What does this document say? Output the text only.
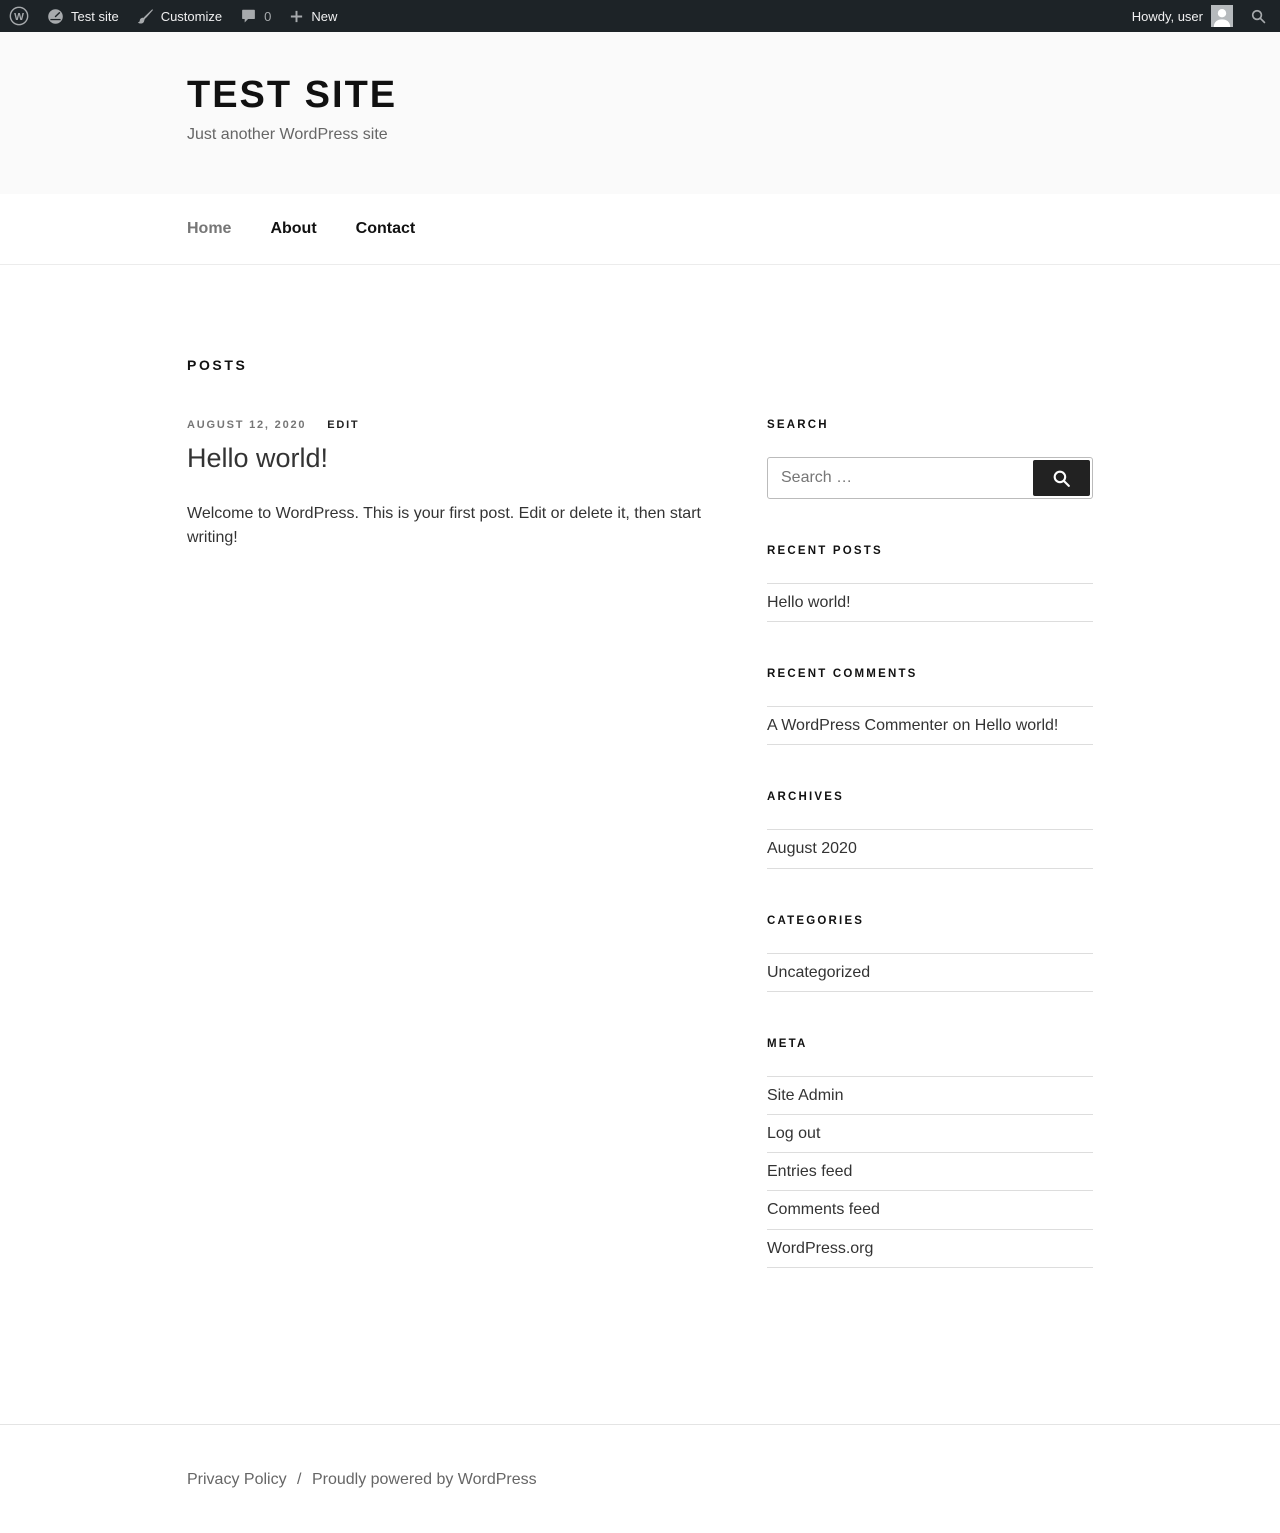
W	Test site	Customize	0	New	Howdy, user
TEST SITE

Just another WordPress site

Home About Contact
POSTS
AUGUST 12, 2020 EDIT
Hello world!

Welcome to WordPress. This is your first post. Edit or delete it, then start writing!

SEARCH
Search …
RECENT POSTS
Hello world!
RECENT COMMENTS
A WordPress Commenter on Hello world!
ARCHIVES
August 2020
CATEGORIES
Uncategorized
META
Site Admin
Log out
Entries feed
Comments feed
WordPress.org
Privacy Policy / Proudly powered by WordPress
